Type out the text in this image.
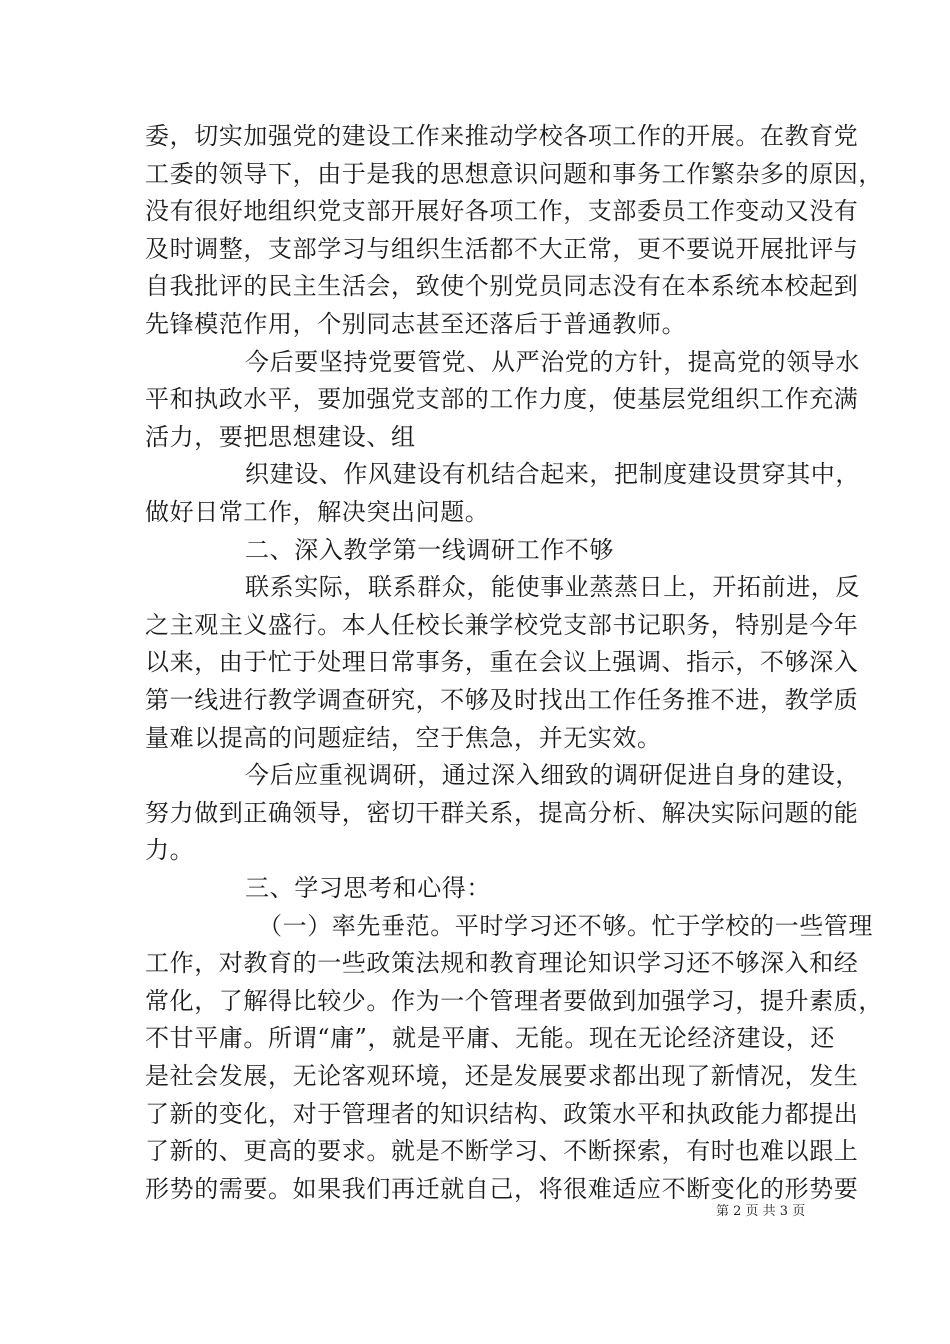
委，切实加强党的建设工作来推动学校各项工作的开展。在教育党
工委的领导下，由于是我的思想意识问题和事务工作繁杂多的原因，
没有很好地组织党支部开展好各项工作，支部委员工作变动又没有
及时调整，支部学习与组织生活都不大正常，更不要说开展批评与
自我批评的民主生活会，致使个别党员同志没有在本系统本校起到
先锋模范作用，个别同志甚至还落后于普通教师。
今后要坚持党要管党、从严治党的方针，提高党的领导水
平和执政水平，要加强党支部的工作力度，使基层党组织工作充满
活力，要把思想建设、组
织建设、作风建设有机结合起来，把制度建设贯穿其中，
做好日常工作，解决突出问题。
二、深入教学第一线调研工作不够
联系实际，联系群众，能使事业蒸蒸日上，开拓前进，反
之主观主义盛行。本人任校长兼学校党支部书记职务，特别是今年
以来，由于忙于处理日常事务，重在会议上强调、指示，不够深入
第一线进行教学调查研究，不够及时找出工作任务推不进，教学质
量难以提高的问题症结，空于焦急，并无实效。
今后应重视调研，通过深入细致的调研促进自身的建设，
努力做到正确领导，密切干群关系，提高分析、解决实际问题的能
力。
三、学习思考和心得：
（一）率先垂范。平时学习还不够。忙于学校的一些管理
工作，对教育的一些政策法规和教育理论知识学习还不够深入和经
常化，了解得比较少。作为一个管理者要做到加强学习，提升素质，
不甘平庸。所谓“庸”，就是平庸、无能。现在无论经济建设，还
是社会发展，无论客观环境，还是发展要求都出现了新情况，发生
了新的变化，对于管理者的知识结构、政策水平和执政能力都提出
了新的、更高的要求。就是不断学习、不断探索，有时也难以跟上
形势的需要。如果我们再迁就自己，将很难适应不断变化的形势要
第 2 页 共 3 页
